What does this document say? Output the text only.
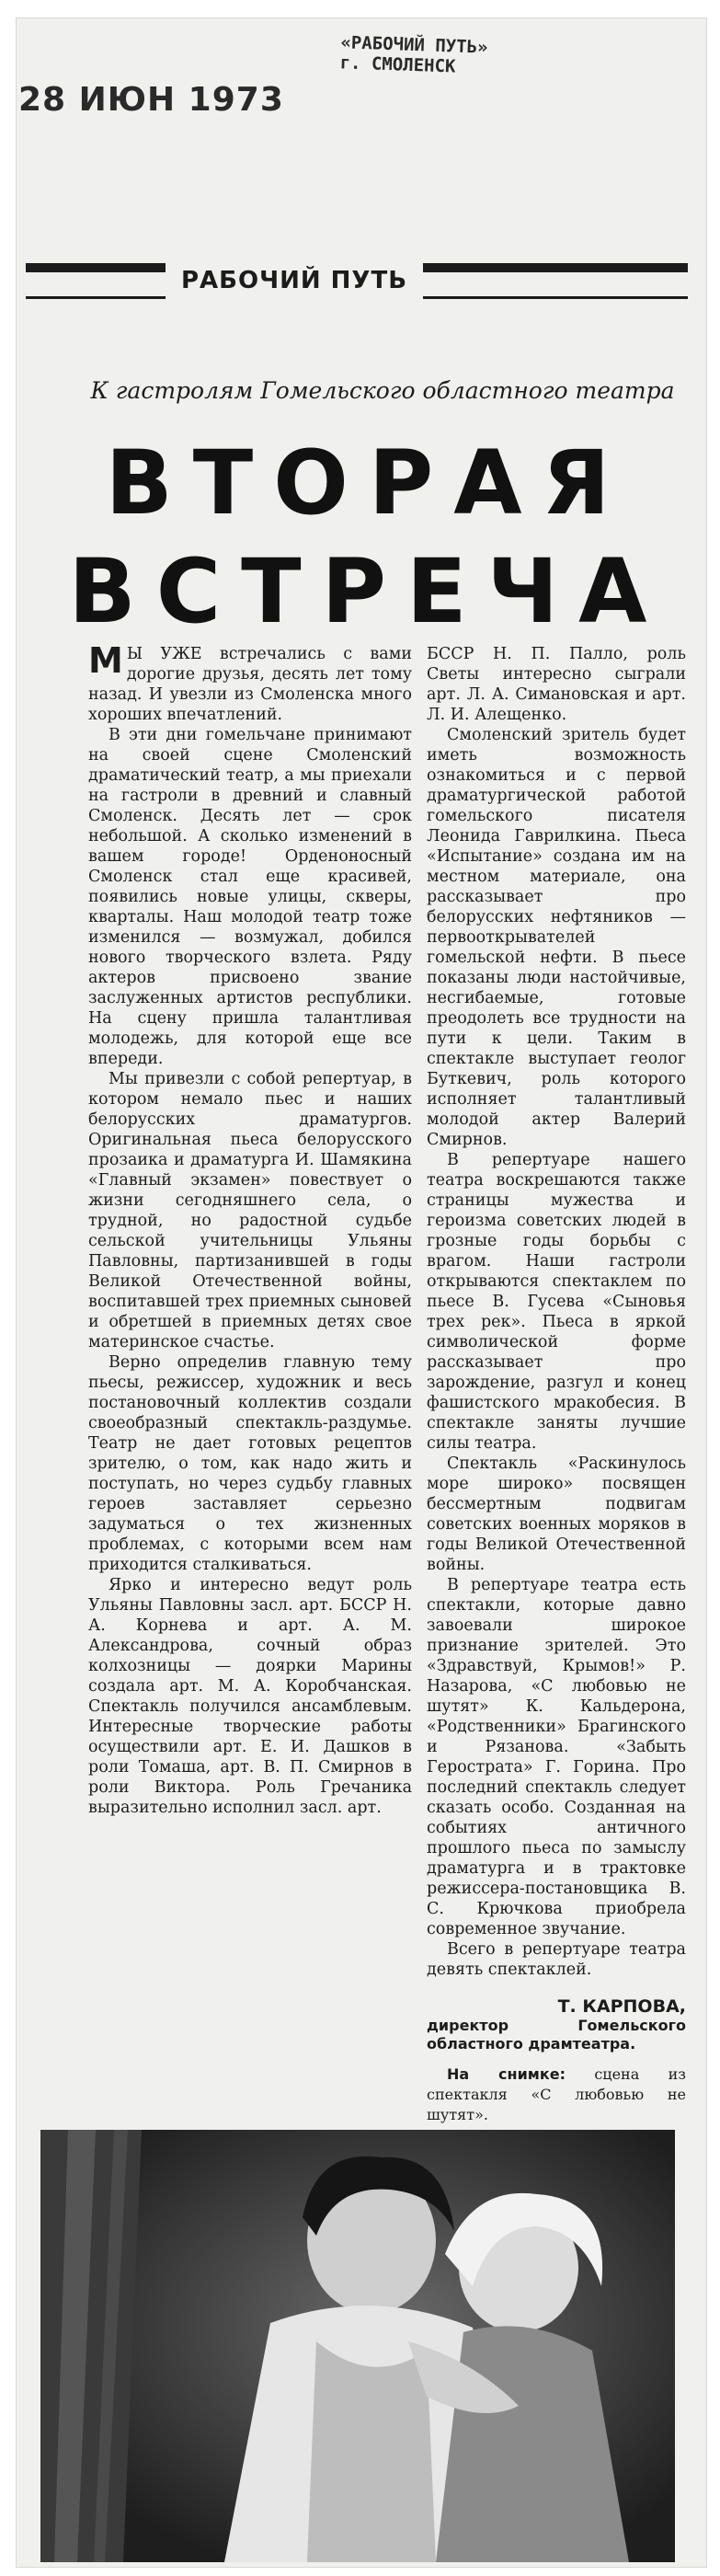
28 ИЮН 1973
«РАБОЧИЙ ПУТЬ»
г. СМОЛЕНСК
РАБОЧИЙ ПУТЬ
К гастролям Гомельского областного театра
ВТОРАЯ
ВСТРЕЧА

М Ы УЖЕ встречались с вами дорогие друзья, десять лет тому назад. И увезли из Смоленска много хороших впечатлений.

В эти дни гомельчане принимают на своей сцене Смоленский драматический театр, а мы приехали на гастроли в древний и славный Смоленск. Десять лет — срок небольшой. А сколько изменений в вашем городе! Орденоносный Смоленск стал еще красивей, появились новые улицы, скверы, кварталы. Наш молодой театр тоже изменился — возмужал, добился нового творческого взлета. Ряду актеров присвоено звание заслуженных артистов республики. На сцену пришла талантливая молодежь, для которой еще все впереди.

Мы привезли с собой репертуар, в котором немало пьес и наших белорусских драматургов. Оригинальная пьеса белорусского прозаика и драматурга И. Шамякина «Главный экзамен» повествует о жизни сегодняшнего села, о трудной, но радостной судьбе сельской учительницы Ульяны Павловны, партизанившей в годы Великой Отечественной войны, воспитавшей трех приемных сыновей и обретшей в приемных детях свое материнское счастье.

Верно определив главную тему пьесы, режиссер, художник и весь постановочный коллектив создали своеобразный спектакль-раздумье. Театр не дает готовых рецептов зрителю, о том, как надо жить и поступать, но через судьбу главных героев заставляет серьезно задуматься о тех жизненных проблемах, с которыми всем нам приходится сталкиваться.

Ярко и интересно ведут роль Ульяны Павловны засл. арт. БССР Н. А. Корнева и арт. А. М. Александрова, сочный образ колхозницы — доярки Марины создала арт. М. А. Коробчанская. Спектакль получился ансамблевым. Интересные творческие работы осуществили арт. Е. И. Дашков в роли Томаша, арт. В. П. Смирнов в роли Виктора. Роль Гречаника выразительно исполнил засл. арт.

БССР Н. П. Палло, роль Светы интересно сыграли арт. Л. А. Симановская и арт. Л. И. Алещенко.

Смоленский зритель будет иметь возможность ознакомиться и с первой драматургической работой гомельского писателя Леонида Гаврилкина. Пьеса «Испытание» создана им на местном материале, она рассказывает про белорусских нефтяников — первооткрывателей гомельской нефти. В пьесе показаны люди настойчивые, несгибаемые, готовые преодолеть все трудности на пути к цели. Таким в спектакле выступает геолог Буткевич, роль которого исполняет талантливый молодой актер Валерий Смирнов.

В репертуаре нашего театра воскрешаются также страницы мужества и героизма советских людей в грозные годы борьбы с врагом. Наши гастроли открываются спектаклем по пьесе В. Гусева «Сыновья трех рек». Пьеса в яркой символической форме рассказывает про зарождение, разгул и конец фашистского мракобесия. В спектакле заняты лучшие силы театра.

Спектакль «Раскинулось море широко» посвящен бессмертным подвигам советских военных моряков в годы Великой Отечественной войны.

В репертуаре театра есть спектакли, которые давно завоевали широкое признание зрителей. Это «Здравствуй, Крымов!» Р. Назарова, «С любовью не шутят» К. Кальдерона, «Родственники» Брагинского и Рязанова. «Забыть Герострата» Г. Горина. Про последний спектакль следует сказать особо. Созданная на событиях античного прошлого пьеса по замыслу драматурга и в трактовке режиссера-постановщика В. С. Крючкова приобрела современное звучание.

Всего в репертуаре театра девять спектаклей.

Т. КАРПОВА,

директор Гомельского областного драмтеатра.

На снимке: сцена из спектакля «С любовью не шутят».
